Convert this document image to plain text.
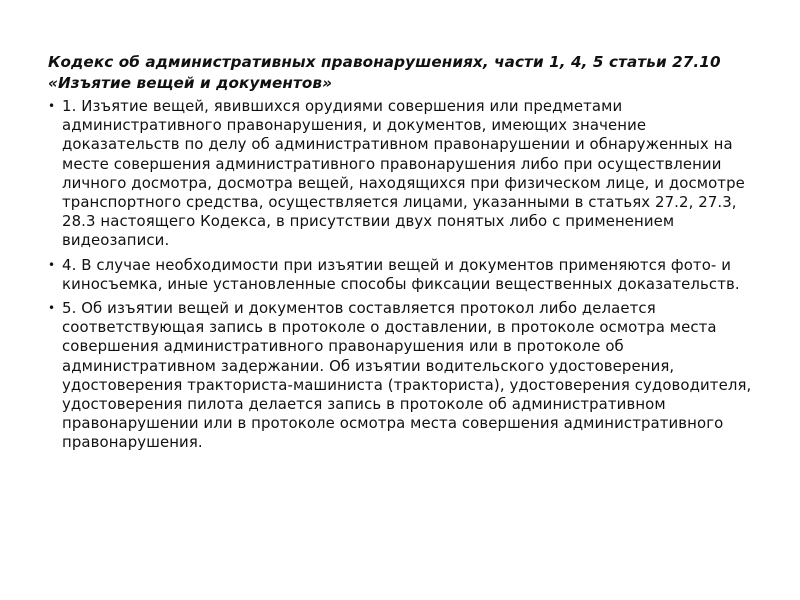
Кодекс об административных правонарушениях, части 1, 4, 5 статьи 27.10 «Изъятие вещей и документов»

• 1. Изъятие вещей, явившихся орудиями совершения или предметами административного правонарушения, и документов, имеющих значение доказательств по делу об административном правонарушении и обнаруженных на месте совершения административного правонарушения либо при осуществлении личного досмотра, досмотра вещей, находящихся при физическом лице, и досмотре транспортного средства, осуществляется лицами, указанными в статьях 27.2, 27.3, 28.3 настоящего Кодекса, в присутствии двух понятых либо с применением видеозаписи.
• 4. В случае необходимости при изъятии вещей и документов применяются фото- и киносъемка, иные установленные способы фиксации вещественных доказательств.
• 5. Об изъятии вещей и документов составляется протокол либо делается соответствующая запись в протоколе о доставлении, в протоколе осмотра места совершения административного правонарушения или в протоколе об административном задержании. Об изъятии водительского удостоверения, удостоверения тракториста-машиниста (тракториста), удостоверения судоводителя, удостоверения пилота делается запись в протоколе об административном правонарушении или в протоколе осмотра места совершения административного правонарушения.
